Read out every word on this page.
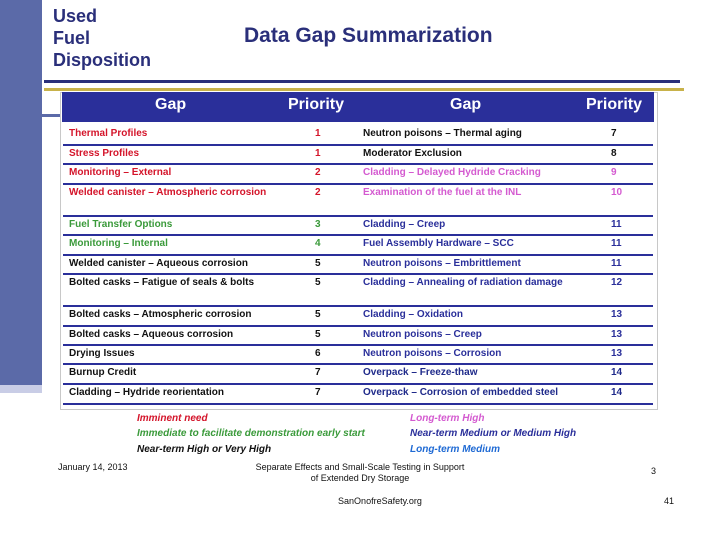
Used
Fuel
Disposition
Data Gap Summarization
Gap	Priority	Gap	Priority
Thermal Profiles	1	Neutron poisons – Thermal aging	7
Stress Profiles	1	Moderator Exclusion	8
Monitoring – External	2	Cladding – Delayed Hydride Cracking	9
Welded canister – Atmospheric corrosion	2	Examination of the fuel at the INL	10
Fuel Transfer Options	3	Cladding – Creep	11
Monitoring – Internal	4	Fuel Assembly Hardware – SCC	11
Welded canister – Aqueous corrosion	5	Neutron poisons – Embrittlement	11
Bolted casks – Fatigue of seals & bolts	5	Cladding – Annealing of radiation damage	12
Bolted casks – Atmospheric corrosion	5	Cladding – Oxidation	13
Bolted casks – Aqueous corrosion	5	Neutron poisons – Creep	13
Drying Issues	6	Neutron poisons – Corrosion	13
Burnup Credit	7	Overpack – Freeze-thaw	14
Cladding – Hydride reorientation	7	Overpack – Corrosion of embedded steel	14
Imminent need
Immediate to facilitate demonstration early start
Near-term High or Very High
Long-term High
Near-term Medium or Medium High
Long-term Medium
January 14, 2013	Separate Effects and Small-Scale Testing in Support
of Extended Dry Storage
3
SanOnofreSafety.org	41
